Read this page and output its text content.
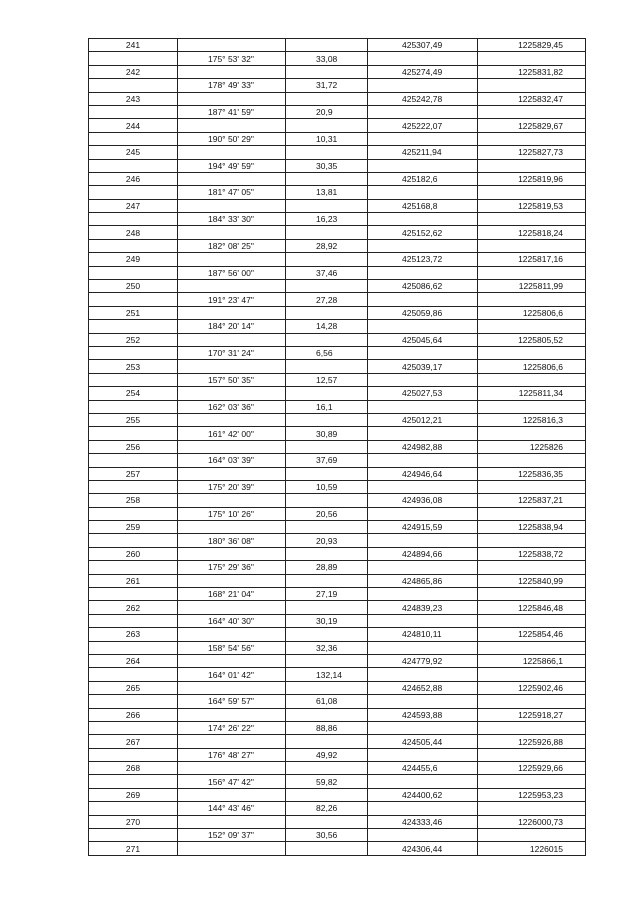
241			425307,49	1225829,45
	175° 53' 32"	33,08		
242			425274,49	1225831,82
	178° 49' 33"	31,72		
243			425242,78	1225832,47
	187° 41' 59"	20,9		
244			425222,07	1225829,67
	190° 50' 29"	10,31		
245			425211,94	1225827,73
	194° 49' 59"	30,35		
246			425182,6	1225819,96
	181° 47' 05"	13,81		
247			425168,8	1225819,53
	184° 33' 30"	16,23		
248			425152,62	1225818,24
	182° 08' 25"	28,92		
249			425123,72	1225817,16
	187° 56' 00"	37,46		
250			425086,62	1225811,99
	191° 23' 47"	27,28		
251			425059,86	1225806,6
	184° 20' 14"	14,28		
252			425045,64	1225805,52
	170° 31' 24"	6,56		
253			425039,17	1225806,6
	157° 50' 35"	12,57		
254			425027,53	1225811,34
	162° 03' 36"	16,1		
255			425012,21	1225816,3
	161° 42' 00"	30,89		
256			424982,88	1225826
	164° 03' 39"	37,69		
257			424946,64	1225836,35
	175° 20' 39"	10,59		
258			424936,08	1225837,21
	175° 10' 26"	20,56		
259			424915,59	1225838,94
	180° 36' 08"	20,93		
260			424894,66	1225838,72
	175° 29' 36"	28,89		
261			424865,86	1225840,99
	168° 21' 04"	27,19		
262			424839,23	1225846,48
	164° 40' 30"	30,19		
263			424810,11	1225854,46
	158° 54' 56"	32,36		
264			424779,92	1225866,1
	164° 01' 42"	132,14		
265			424652,88	1225902,46
	164° 59' 57"	61,08		
266			424593,88	1225918,27
	174° 26' 22"	88,86		
267			424505,44	1225926,88
	176° 48' 27"	49,92		
268			424455,6	1225929,66
	156° 47' 42"	59,82		
269			424400,62	1225953,23
	144° 43' 46"	82,26		
270			424333,46	1226000,73
	152° 09' 37"	30,56		
271			424306,44	1226015
